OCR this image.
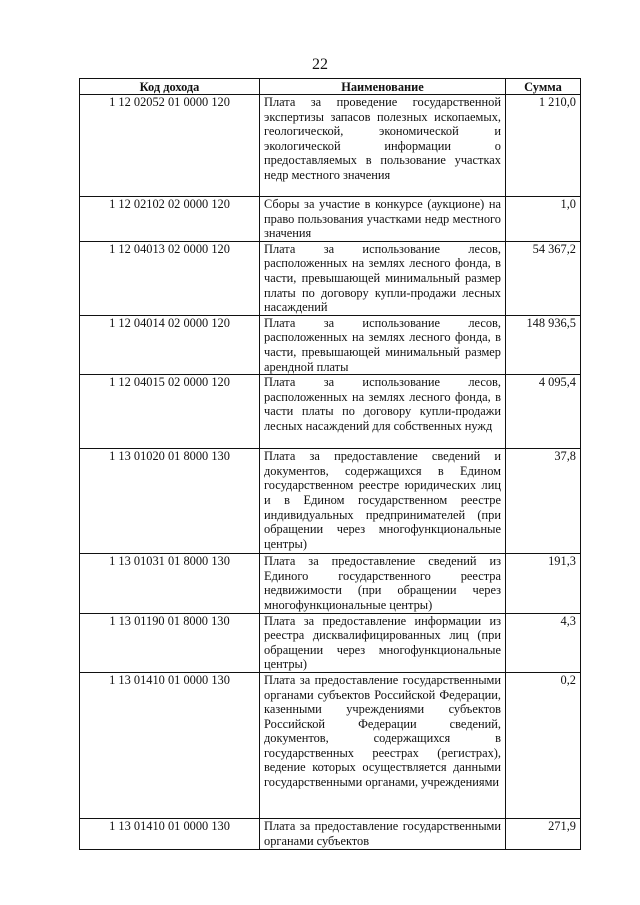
22
Код дохода	Наименование	Сумма
1 12 02052 01 0000 120	Плата за проведение государственной экспертизы запасов полезных ископаемых, геологической, экономической и экологической информации о предоставляемых в пользование участках недр местного значения	1 210,0
1 12 02102 02 0000 120	Сборы за участие в конкурсе (аукционе) на право пользования участками недр местного значения	1,0
1 12 04013 02 0000 120	Плата за использование лесов, расположенных на землях лесного фонда, в части, превышающей минимальный размер платы по договору купли-продажи лесных насаждений	54 367,2
1 12 04014 02 0000 120	Плата за использование лесов, расположенных на землях лесного фонда, в части, превышающей минимальный размер арендной платы	148 936,5
1 12 04015 02 0000 120	Плата за использование лесов, расположенных на землях лесного фонда, в части платы по договору купли-продажи лесных насаждений для собственных нужд	4 095,4
1 13 01020 01 8000 130	Плата за предоставление сведений и документов, содержащихся в Едином государственном реестре юридических лиц и в Едином государственном реестре индивидуальных предпринимателей (при обращении через многофункциональные центры)	37,8
1 13 01031 01 8000 130	Плата за предоставление сведений из Единого государственного реестра недвижимости (при обращении через многофункциональные центры)	191,3
1 13 01190 01 8000 130	Плата за предоставление информации из реестра дисквалифицированных лиц (при обращении через многофункциональные центры)	4,3
1 13 01410 01 0000 130	Плата за предоставление государственными органами субъектов Российской Федерации, казенными учреждениями субъектов Российской Федерации сведений, документов, содержащихся в государственных реестрах (регистрах), ведение которых осуществляется данными государственными органами, учреждениями	0,2
1 13 01410 01 0000 130	Плата за предоставление государственными органами субъектов	271,9
